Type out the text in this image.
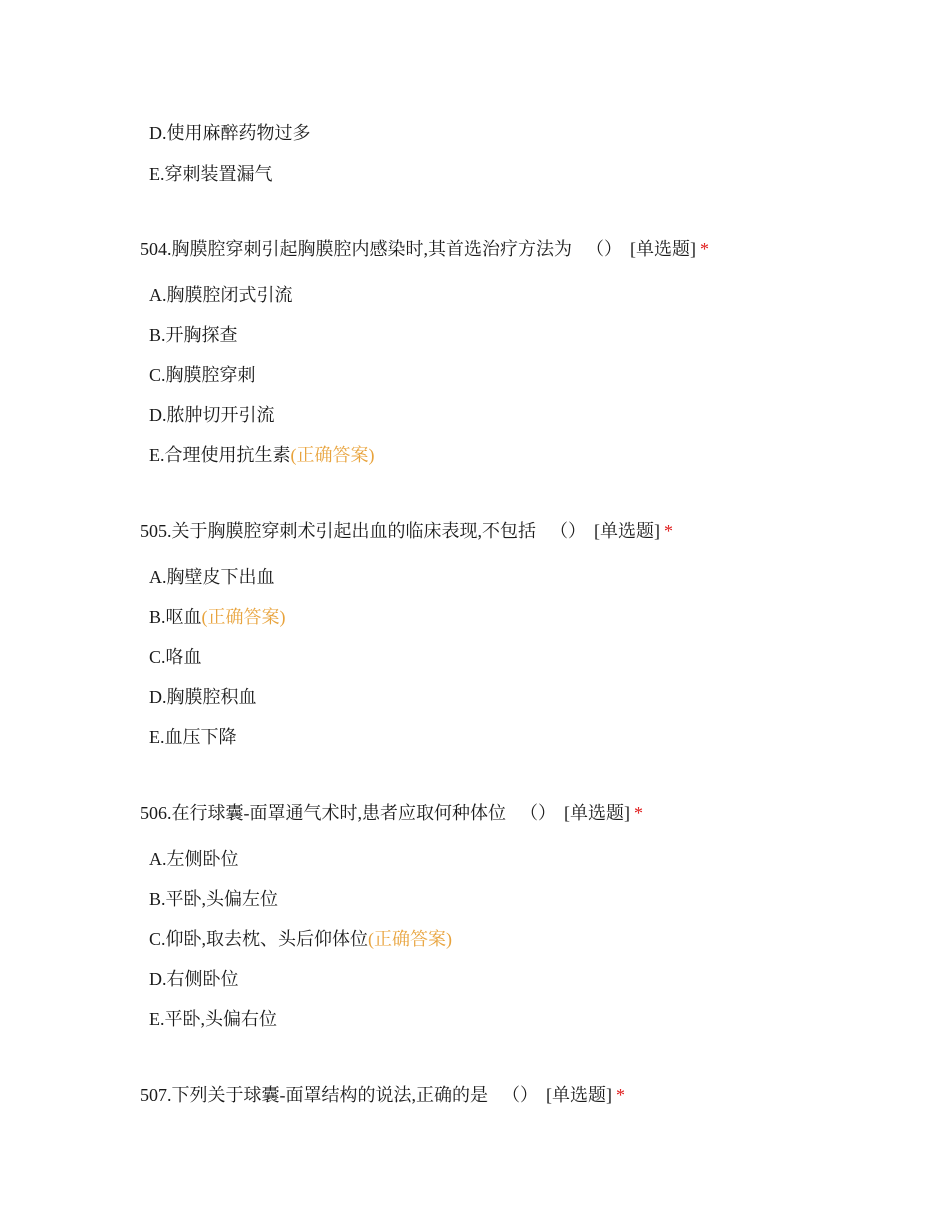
D.使用麻醉药物过多
E.穿刺装置漏气
504.胸膜腔穿刺引起胸膜腔内感染时,其首选治疗方法为 （） [单选题] *
A.胸膜腔闭式引流
B.开胸探查
C.胸膜腔穿刺
D.脓肿切开引流
E.合理使用抗生素(正确答案)
505.关于胸膜腔穿刺术引起出血的临床表现,不包括 （） [单选题] *
A.胸壁皮下出血
B.呕血(正确答案)
C.咯血
D.胸膜腔积血
E.血压下降
506.在行球囊-面罩通气术时,患者应取何种体位 （） [单选题] *
A.左侧卧位
B.平卧,头偏左位
C.仰卧,取去枕、头后仰体位(正确答案)
D.右侧卧位
E.平卧,头偏右位
507.下列关于球囊-面罩结构的说法,正确的是 （） [单选题] *
